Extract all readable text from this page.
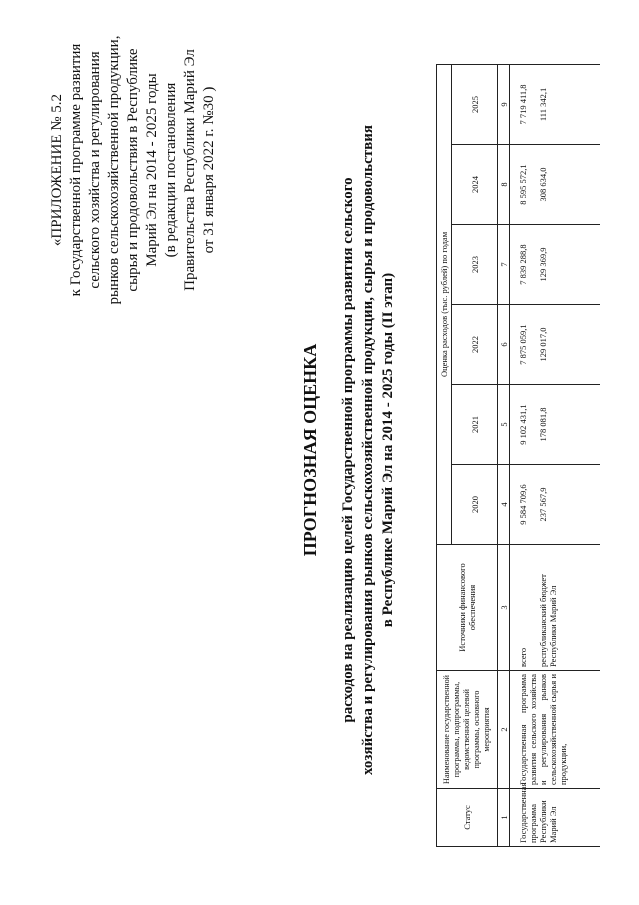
«ПРИЛОЖЕНИЕ № 5.2 к Государственной программе развития сельского хозяйства и регулирования рынков сельскохозяйственной продукции, сырья и продовольствия в Республике Марий Эл на 2014 - 2025 годы (в редакции постановления Правительства Республики Марий Эл от 31 января 2022 г. №30 )
ПРОГНОЗНАЯ ОЦЕНКА расходов на реализацию целей Государственной программы развития сельского хозяйства и регулирования рынков сельскохозяйственной продукции, сырья и продовольствия в Республике Марий Эл на 2014 - 2025 годы (II этап)
Статус	Наименование государственной программы, подпрограммы, ведомственной целевой программы, основного мероприятия	Источники финансового обеспечения	Оценка расходов (тыс. рублей) по годам					
			2020	2021	2022	2023	2024	2025
1	2	3	4	5	6	7	8	9
Государственная программа Республики Марий Эл	Государственная программа развития сельского хозяйства и регулирования рынков сельскохозяйственной сырья и продукции,	всего	9 584 709,6	9 102 431,1	7 875 059,1	7 839 288,8	8 595 572,1	7 719 411,8

		республиканский бюджет Республики Марий Эл	237 567,9	178 081,8	129 017,0	129 369,9	308 634,0	111 342,1
